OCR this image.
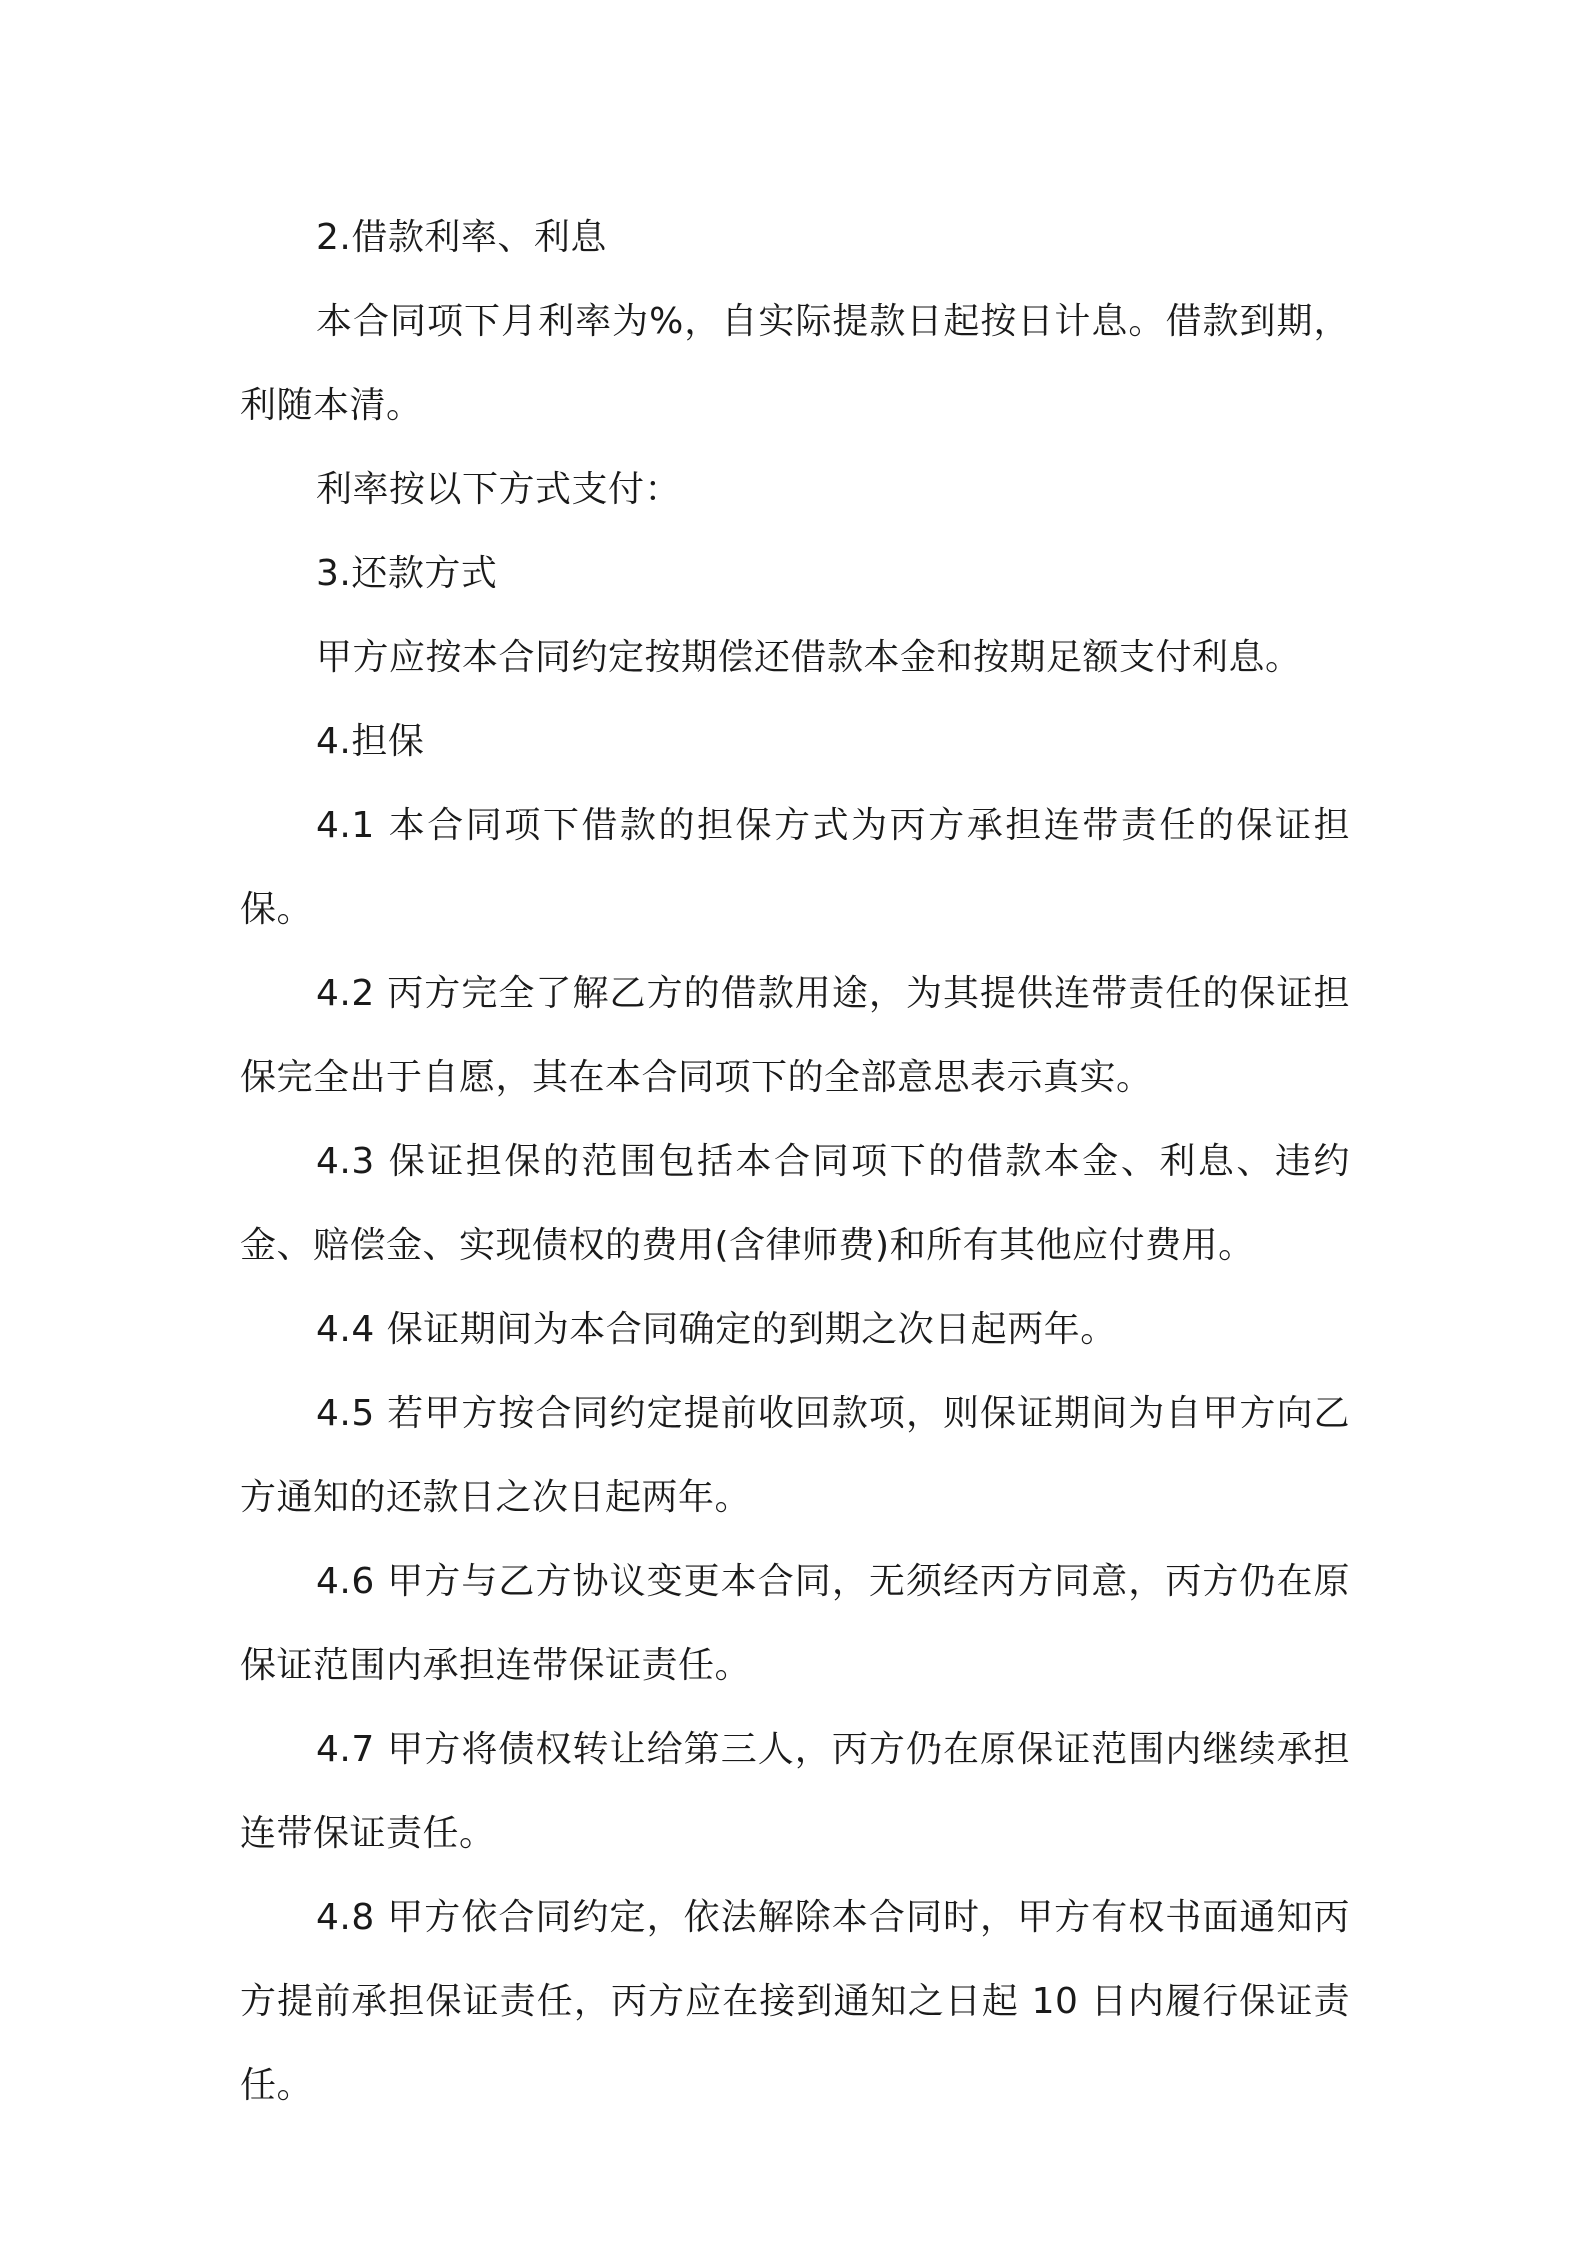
2.借款利率、利息

本合同项下月利率为%，自实际提款日起按日计息。借款到期，利随本清。

利率按以下方式支付：

3.还款方式

甲方应按本合同约定按期偿还借款本金和按期足额支付利息。

4.担保

4.1 本合同项下借款的担保方式为丙方承担连带责任的保证担保。

4.2 丙方完全了解乙方的借款用途，为其提供连带责任的保证担保完全出于自愿，其在本合同项下的全部意思表示真实。

4.3 保证担保的范围包括本合同项下的借款本金、利息、违约金、赔偿金、实现债权的费用(含律师费)和所有其他应付费用。

4.4 保证期间为本合同确定的到期之次日起两年。

4.5 若甲方按合同约定提前收回款项，则保证期间为自甲方向乙方通知的还款日之次日起两年。

4.6 甲方与乙方协议变更本合同，无须经丙方同意，丙方仍在原保证范围内承担连带保证责任。

4.7 甲方将债权转让给第三人，丙方仍在原保证范围内继续承担连带保证责任。

4.8 甲方依合同约定，依法解除本合同时，甲方有权书面通知丙方提前承担保证责任，丙方应在接到通知之日起 10 日内履行保证责任。
